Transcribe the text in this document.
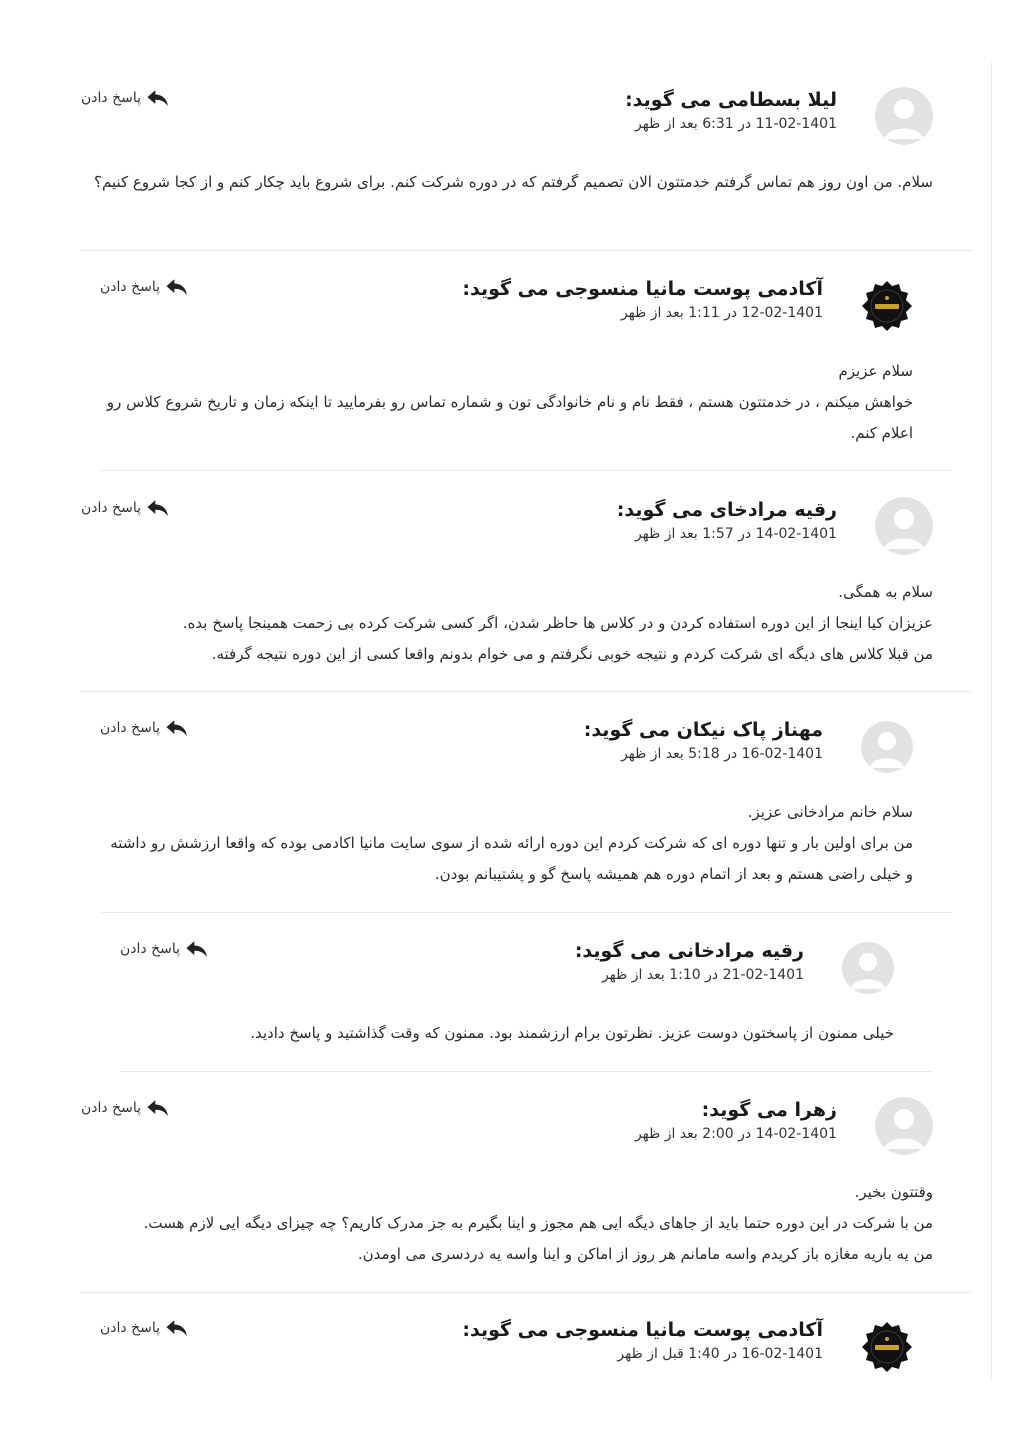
لیلا بسطامی می گوید:
11-02-1401 در 6:31 بعد از ظهر
پاسخ دادن

سلام. من اون روز هم تماس گرفتم خدمتتون الان تصمیم گرفتم که در دوره شرکت کنم. برای شروع باید چکار کنم و از کجا شروع کنیم؟

آکادمی پوست مانیا منسوجی می گوید:
12-02-1401 در 1:11 بعد از ظهر
پاسخ دادن

سلام عزیزم

خواهش میکنم ، در خدمتتون هستم ، فقط نام و نام خانوادگی تون و شماره تماس رو بفرمایید تا اینکه زمان و تاریخ شروع کلاس رو اعلام کنم.

رقیه مرادخای می گوید:
14-02-1401 در 1:57 بعد از ظهر
پاسخ دادن

سلام به همگی.

عزیزان کیا اینجا از این دوره استفاده کردن و در کلاس ها حاظر شدن، اگر کسی شرکت کرده بی زحمت همینجا پاسخ بده.

من قبلا کلاس های دیگه ای شرکت کردم و نتیجه خوبی نگرفتم و می خوام بدونم واقعا کسی از این دوره نتیجه گرفته.

مهناز پاک نیکان می گوید:
16-02-1401 در 5:18 بعد از ظهر
پاسخ دادن

سلام خانم مرادخانی عزیز.

من برای اولین بار و تنها دوره ای که شرکت کردم این دوره ارائه شده از سوی سایت مانیا اکادمی بوده که واقعا ارزشش رو داشته و خیلی راضی هستم و بعد از اتمام دوره هم همیشه پاسخ گو و پشتیبانم بودن.

رقیه مرادخانی می گوید:
21-02-1401 در 1:10 بعد از ظهر
پاسخ دادن

خیلی ممنون از پاسختون دوست عزیز. نظرتون برام ارزشمند بود. ممنون که وقت گذاشتید و پاسخ دادید.

زهرا می گوید:
14-02-1401 در 2:00 بعد از ظهر
پاسخ دادن

وقتتون بخیر.

من با شرکت در این دوره حتما باید از جاهای دیگه ایی هم مجوز و اینا بگیرم به جز مدرک کاریم؟ چه چیزای دیگه ایی لازم هست.

من یه باریه مغازه باز کریدم واسه مامانم هر روز از اماکن و اینا واسه یه دردسری می اومدن.

آکادمی پوست مانیا منسوجی می گوید:
16-02-1401 در 1:40 قبل از ظهر
پاسخ دادن
